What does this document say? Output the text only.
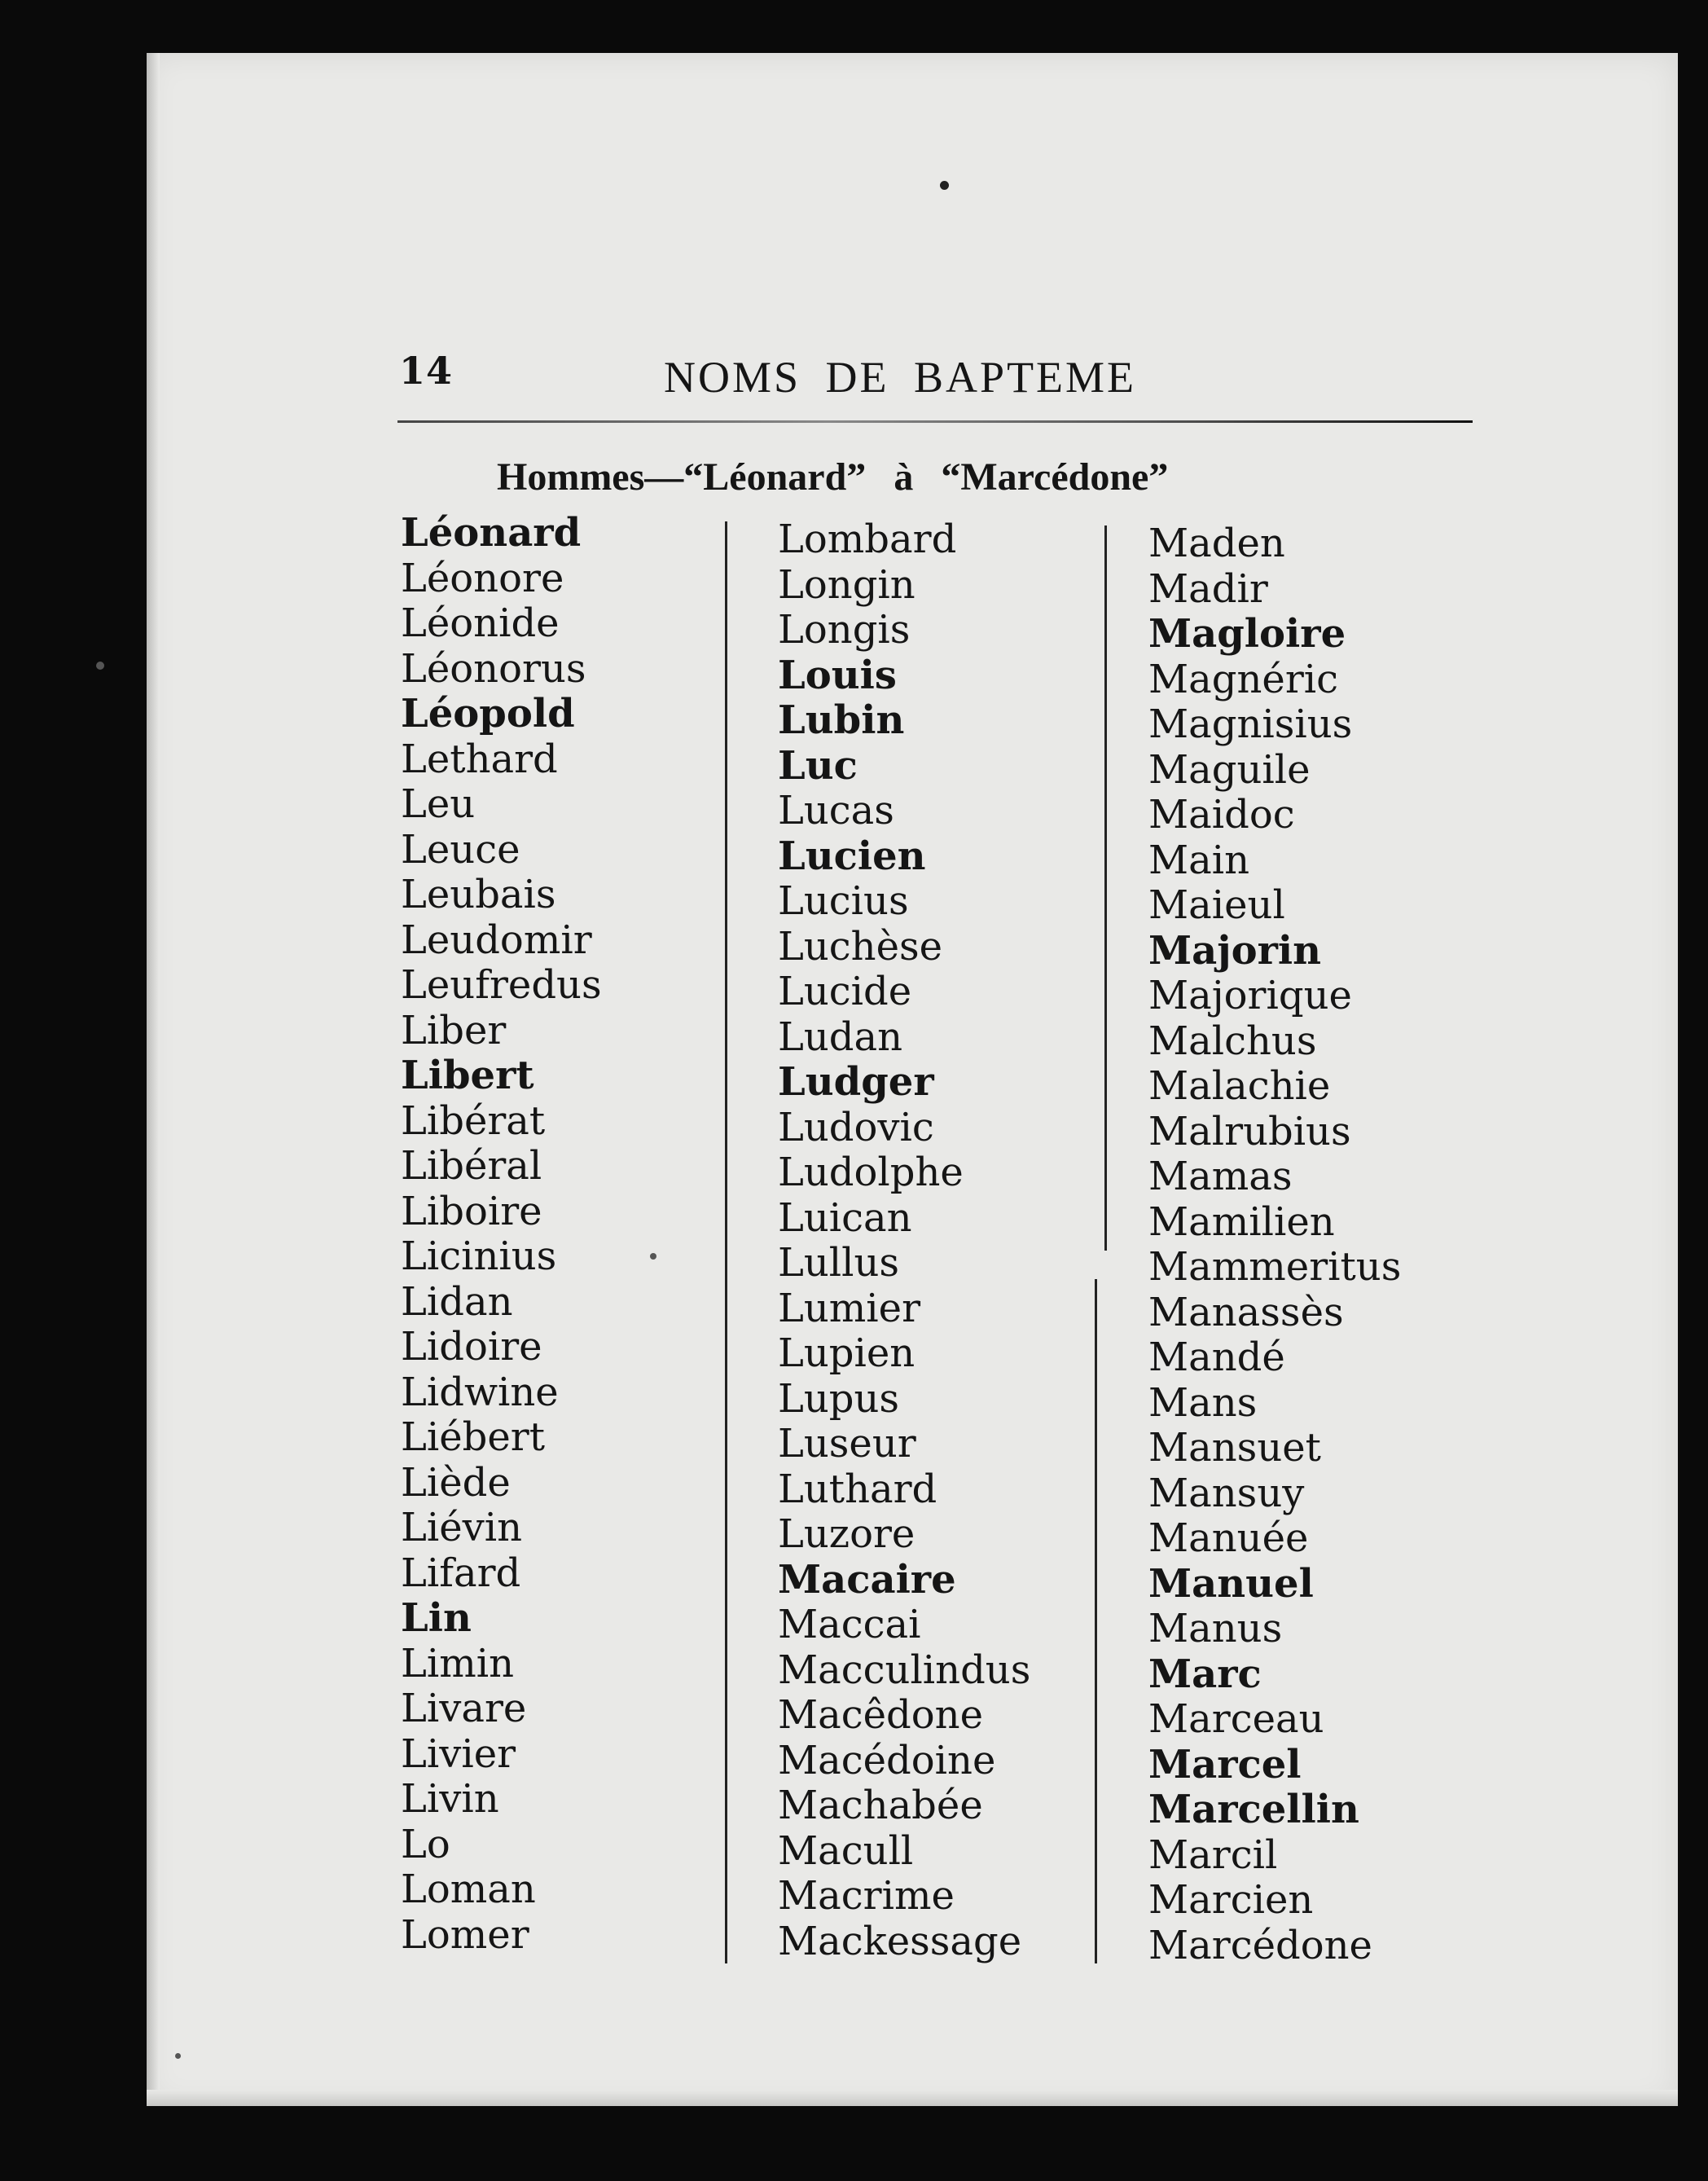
14	NOMS DE BAPTEME
Hommes—“Léonard” à “Marcédone”
Léonard
Léonore
Léonide
Léonorus
Léopold
Lethard
Leu
Leuce
Leubais
Leudomir
Leufredus
Liber
Libert
Libérat
Libéral
Liboire
Licinius
Lidan
Lidoire
Lidwine
Liébert
Liède
Liévin
Lifard
Lin
Limin
Livare
Livier
Livin
Lo
Loman
Lomer
Lombard
Longin
Longis
Louis
Lubin
Luc
Lucas
Lucien
Lucius
Luchèse
Lucide
Ludan
Ludger
Ludovic
Ludolphe
Luican
Lullus
Lumier
Lupien
Lupus
Luseur
Luthard
Luzore
Macaire
Maccai
Macculindus
Macêdone
Macédoine
Machabée
Macull
Macrime
Mackessage
Maden
Madir
Magloire
Magnéric
Magnisius
Maguile
Maidoc
Main
Maieul
Majorin
Majorique
Malchus
Malachie
Malrubius
Mamas
Mamilien
Mammeritus
Manassès
Mandé
Mans
Mansuet
Mansuy
Manuée
Manuel
Manus
Marc
Marceau
Marcel
Marcellin
Marcil
Marcien
Marcédone
